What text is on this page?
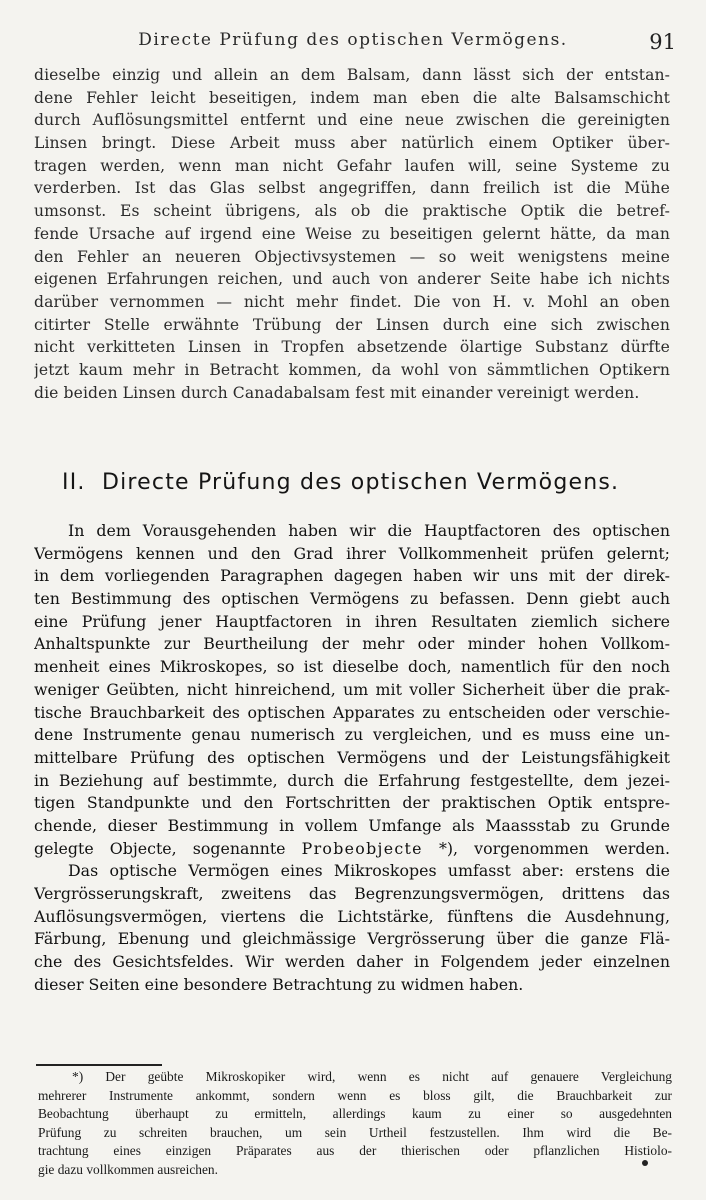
Directe Prüfung des optischen Vermögens.	91
dieselbe einzig und allein an dem Balsam, dann lässt sich der entstan-
dene Fehler leicht beseitigen, indem man eben die alte Balsamschicht
durch Auflösungsmittel entfernt und eine neue zwischen die gereinigten
Linsen bringt. Diese Arbeit muss aber natürlich einem Optiker über-
tragen werden, wenn man nicht Gefahr laufen will, seine Systeme zu
verderben. Ist das Glas selbst angegriffen, dann freilich ist die Mühe
umsonst. Es scheint übrigens, als ob die praktische Optik die betref-
fende Ursache auf irgend eine Weise zu beseitigen gelernt hätte, da man
den Fehler an neueren Objectivsystemen — so weit wenigstens meine
eigenen Erfahrungen reichen, und auch von anderer Seite habe ich nichts
darüber vernommen — nicht mehr findet. Die von H. v. Mohl an oben
citirter Stelle erwähnte Trübung der Linsen durch eine sich zwischen
nicht verkitteten Linsen in Tropfen absetzende ölartige Substanz dürfte
jetzt kaum mehr in Betracht kommen, da wohl von sämmtlichen Optikern
die beiden Linsen durch Canadabalsam fest mit einander vereinigt werden.
II. Directe Prüfung des optischen Vermögens.
In dem Vorausgehenden haben wir die Hauptfactoren des optischen
Vermögens kennen und den Grad ihrer Vollkommenheit prüfen gelernt;
in dem vorliegenden Paragraphen dagegen haben wir uns mit der direk-
ten Bestimmung des optischen Vermögens zu befassen. Denn giebt auch
eine Prüfung jener Hauptfactoren in ihren Resultaten ziemlich sichere
Anhaltspunkte zur Beurtheilung der mehr oder minder hohen Vollkom-
menheit eines Mikroskopes, so ist dieselbe doch, namentlich für den noch
weniger Geübten, nicht hinreichend, um mit voller Sicherheit über die prak-
tische Brauchbarkeit des optischen Apparates zu entscheiden oder verschie-
dene Instrumente genau numerisch zu vergleichen, und es muss eine un-
mittelbare Prüfung des optischen Vermögens und der Leistungsfähigkeit
in Beziehung auf bestimmte, durch die Erfahrung festgestellte, dem jezei-
tigen Standpunkte und den Fortschritten der praktischen Optik entspre-
chende, dieser Bestimmung in vollem Umfange als Maassstab zu Grunde
gelegte Objecte, sogenannte Probeobjecte *), vorgenommen werden.
Das optische Vermögen eines Mikroskopes umfasst aber: erstens die
Vergrösserungskraft, zweitens das Begrenzungsvermögen, drittens das
Auflösungsvermögen, viertens die Lichtstärke, fünftens die Ausdehnung,
Färbung, Ebenung und gleichmässige Vergrösserung über die ganze Flä-
che des Gesichtsfeldes. Wir werden daher in Folgendem jeder einzelnen
dieser Seiten eine besondere Betrachtung zu widmen haben.
*) Der geübte Mikroskopiker wird, wenn es nicht auf genauere Vergleichung
mehrerer Instrumente ankommt, sondern wenn es bloss gilt, die Brauchbarkeit zur
Beobachtung überhaupt zu ermitteln, allerdings kaum zu einer so ausgedehnten
Prüfung zu schreiten brauchen, um sein Urtheil festzustellen. Ihm wird die Be-
trachtung eines einzigen Präparates aus der thierischen oder pflanzlichen Histiolo-
gie dazu vollkommen ausreichen.
